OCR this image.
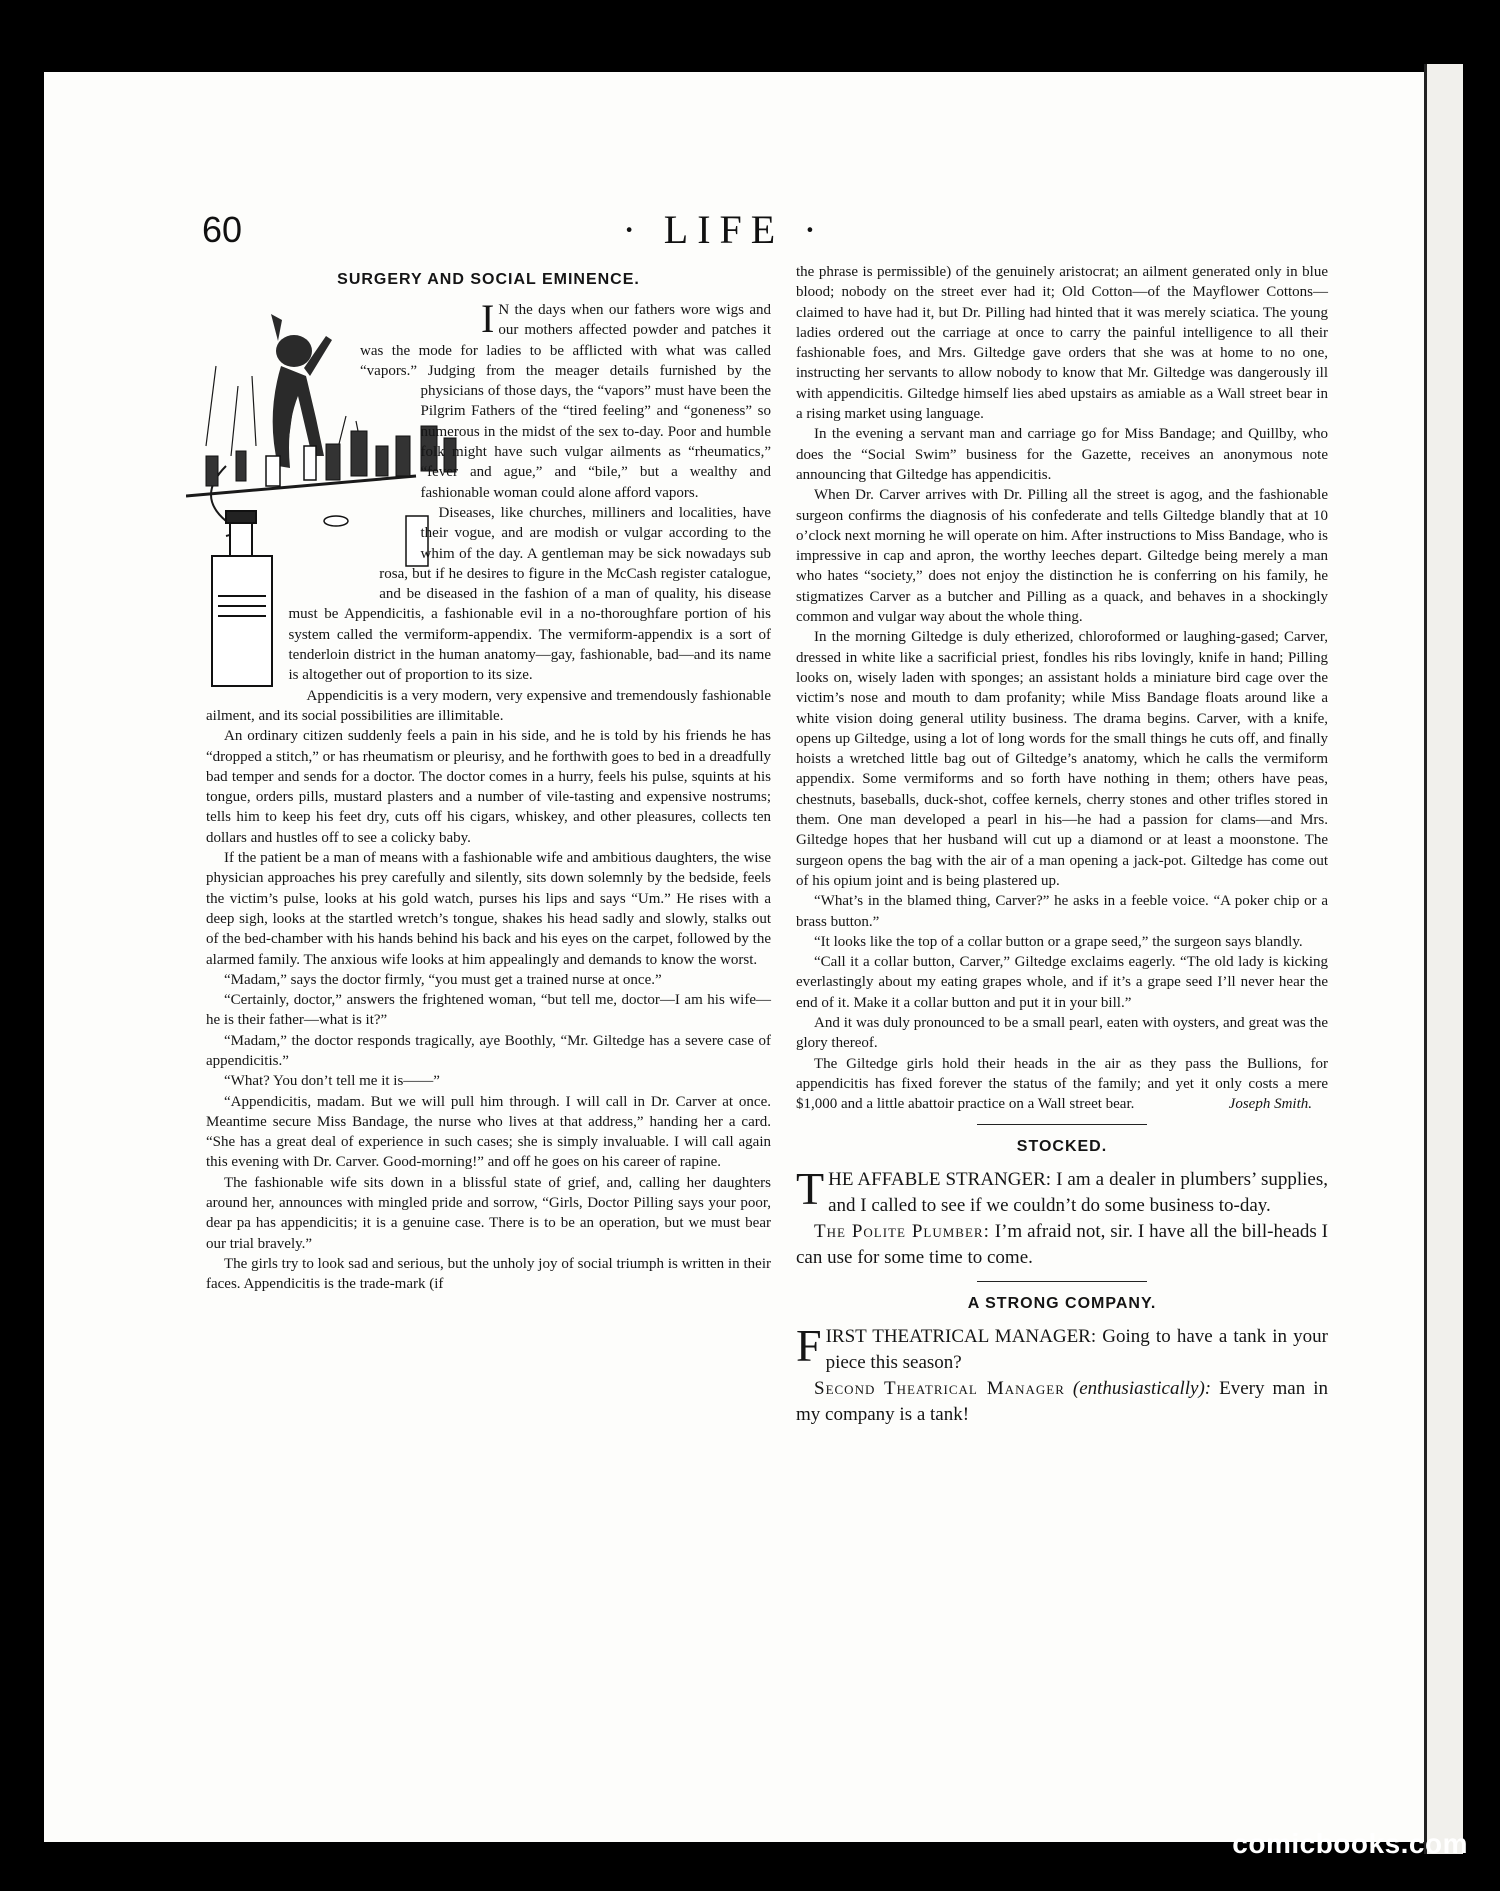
60	· LIFE ·
SURGERY AND SOCIAL EMINENCE.

I N the days when our fathers wore wigs and our mothers affected powder and patches it was the mode for ladies to be afflicted with what was called “vapors.” Judging from the meager details furnished by the physicians of those days, the “vapors” must have been the Pilgrim Fathers of the “tired feeling” and “goneness” so numerous in the midst of the sex to-day. Poor and humble folk might have such vulgar ailments as “rheumatics,” “fever and ague,” and “bile,” but a wealthy and fashionable woman could alone afford vapors.

Diseases, like churches, milliners and localities, have their vogue, and are modish or vulgar according to the whim of the day. A gentleman may be sick nowadays sub rosa, but if he desires to figure in the McCash register catalogue, and be diseased in the fashion of a man of quality, his disease must be Appendicitis, a fashionable evil in a no-thoroughfare portion of his system called the vermiform-appendix. The vermiform-appendix is a sort of tenderloin district in the human anatomy—gay, fashionable, bad—and its name is altogether out of proportion to its size.

Appendicitis is a very modern, very expensive and tremendously fashionable ailment, and its social possibilities are illimitable.

An ordinary citizen suddenly feels a pain in his side, and he is told by his friends he has “dropped a stitch,” or has rheumatism or pleurisy, and he forthwith goes to bed in a dreadfully bad temper and sends for a doctor. The doctor comes in a hurry, feels his pulse, squints at his tongue, orders pills, mustard plasters and a number of vile-tasting and expensive nostrums; tells him to keep his feet dry, cuts off his cigars, whiskey, and other pleasures, collects ten dollars and hustles off to see a colicky baby.

If the patient be a man of means with a fashionable wife and ambitious daughters, the wise physician approaches his prey carefully and silently, sits down solemnly by the bedside, feels the victim’s pulse, looks at his gold watch, purses his lips and says “Um.” He rises with a deep sigh, looks at the startled wretch’s tongue, shakes his head sadly and slowly, stalks out of the bed-chamber with his hands behind his back and his eyes on the carpet, followed by the alarmed family. The anxious wife looks at him appealingly and demands to know the worst.

“Madam,” says the doctor firmly, “you must get a trained nurse at once.”

“Certainly, doctor,” answers the frightened woman, “but tell me, doctor—I am his wife—he is their father—what is it?”

“Madam,” the doctor responds tragically, aye Boothly, “Mr. Giltedge has a severe case of appendicitis.”

“What? You don’t tell me it is——”

“Appendicitis, madam. But we will pull him through. I will call in Dr. Carver at once. Meantime secure Miss Bandage, the nurse who lives at that address,” handing her a card. “She has a great deal of experience in such cases; she is simply invaluable. I will call again this evening with Dr. Carver. Good-morning!” and off he goes on his career of rapine.

The fashionable wife sits down in a blissful state of grief, and, calling her daughters around her, announces with mingled pride and sorrow, “Girls, Doctor Pilling says your poor, dear pa has appendicitis; it is a genuine case. There is to be an operation, but we must bear our trial bravely.”

The girls try to look sad and serious, but the unholy joy of social triumph is written in their faces. Appendicitis is the trade-mark (if

the phrase is permissible) of the genuinely aristocrat; an ailment generated only in blue blood; nobody on the street ever had it; Old Cotton—of the Mayflower Cottons—claimed to have had it, but Dr. Pilling had hinted that it was merely sciatica. The young ladies ordered out the carriage at once to carry the painful intelligence to all their fashionable foes, and Mrs. Giltedge gave orders that she was at home to no one, instructing her servants to allow nobody to know that Mr. Giltedge was dangerously ill with appendicitis. Giltedge himself lies abed upstairs as amiable as a Wall street bear in a rising market using language.

In the evening a servant man and carriage go for Miss Bandage; and Quillby, who does the “Social Swim” business for the Gazette, receives an anonymous note announcing that Giltedge has appendicitis.

When Dr. Carver arrives with Dr. Pilling all the street is agog, and the fashionable surgeon confirms the diagnosis of his confederate and tells Giltedge blandly that at 10 o’clock next morning he will operate on him. After instructions to Miss Bandage, who is impressive in cap and apron, the worthy leeches depart. Giltedge being merely a man who hates “society,” does not enjoy the distinction he is conferring on his family, he stigmatizes Carver as a butcher and Pilling as a quack, and behaves in a shockingly common and vulgar way about the whole thing.

In the morning Giltedge is duly etherized, chloroformed or laughing-gased; Carver, dressed in white like a sacrificial priest, fondles his ribs lovingly, knife in hand; Pilling looks on, wisely laden with sponges; an assistant holds a miniature bird cage over the victim’s nose and mouth to dam profanity; while Miss Bandage floats around like a white vision doing general utility business. The drama begins. Carver, with a knife, opens up Giltedge, using a lot of long words for the small things he cuts off, and finally hoists a wretched little bag out of Giltedge’s anatomy, which he calls the vermiform appendix. Some vermiforms and so forth have nothing in them; others have peas, chestnuts, baseballs, duck-shot, coffee kernels, cherry stones and other trifles stored in them. One man developed a pearl in his—he had a passion for clams—and Mrs. Giltedge hopes that her husband will cut up a diamond or at least a moonstone. The surgeon opens the bag with the air of a man opening a jack-pot. Giltedge has come out of his opium joint and is being plastered up.

“What’s in the blamed thing, Carver?” he asks in a feeble voice. “A poker chip or a brass button.”

“It looks like the top of a collar button or a grape seed,” the surgeon says blandly.

“Call it a collar button, Carver,” Giltedge exclaims eagerly. “The old lady is kicking everlastingly about my eating grapes whole, and if it’s a grape seed I’ll never hear the end of it. Make it a collar button and put it in your bill.”

And it was duly pronounced to be a small pearl, eaten with oysters, and great was the glory thereof.

The Giltedge girls hold their heads in the air as they pass the Bullions, for appendicitis has fixed forever the status of the family; and yet it only costs a mere $1,000 and a little abattoir practice on a Wall street bear.	Joseph Smith.

STOCKED.

THE AFFABLE STRANGER: I am a dealer in plumbers’ supplies, and I called to see if we couldn’t do some business to-day.

The Polite Plumber: I’m afraid not, sir. I have all the bill-heads I can use for some time to come.

A STRONG COMPANY.

FIRST THEATRICAL MANAGER: Going to have a tank in your piece this season?

Second Theatrical Manager (enthusiastically): Every man in my company is a tank!

comicbooks.com
